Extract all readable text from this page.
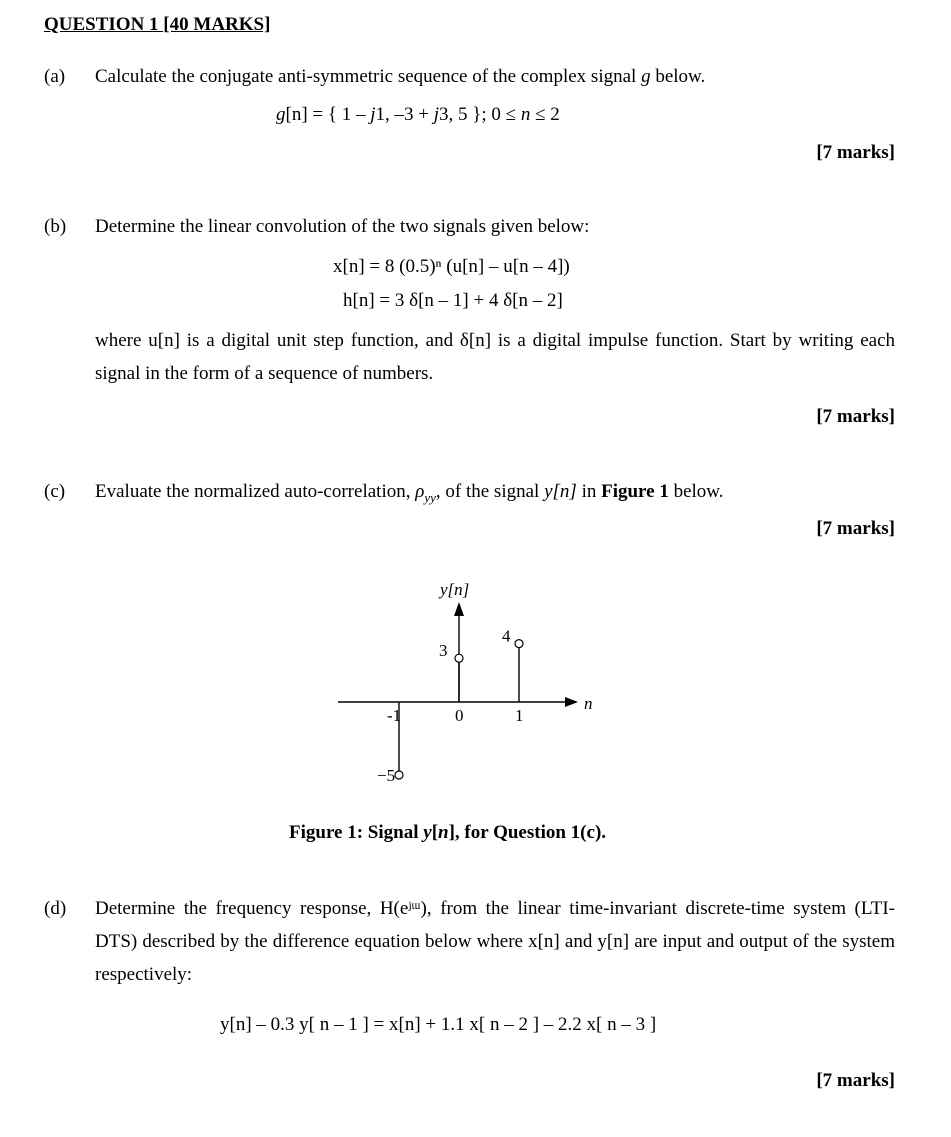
QUESTION 1 [40 MARKS]
(a) Calculate the conjugate anti-symmetric sequence of the complex signal g below.
g[n] = { 1 – j1, –3 + j3, 5 }; 0 ≤ n ≤ 2
[7 marks]
(b) Determine the linear convolution of the two signals given below:
x[n] = 8 (0.5)ⁿ (u[n] – u[n – 4])
h[n] = 3 δ[n – 1] + 4 δ[n – 2]
where u[n] is a digital unit step function, and δ[n] is a digital impulse function. Start by writing each signal in the form of a sequence of numbers.
[7 marks]
(c) Evaluate the normalized auto-correlation, $\rho_{yy}$, of the signal y[n] in Figure 1 below.
[7 marks]
y[n]
n
−5
-1
3
0
4
1
Figure 1: Signal y[n], for Question 1(c).
(d) Determine the frequency response, H(eʲᵚ), from the linear time-invariant discrete-time system (LTI-DTS) described by the difference equation below where x[n] and y[n] are input and output of the system respectively:
y[n] – 0.3 y[ n – 1 ] = x[n] + 1.1 x[ n – 2 ] – 2.2 x[ n – 3 ]
[7 marks]
